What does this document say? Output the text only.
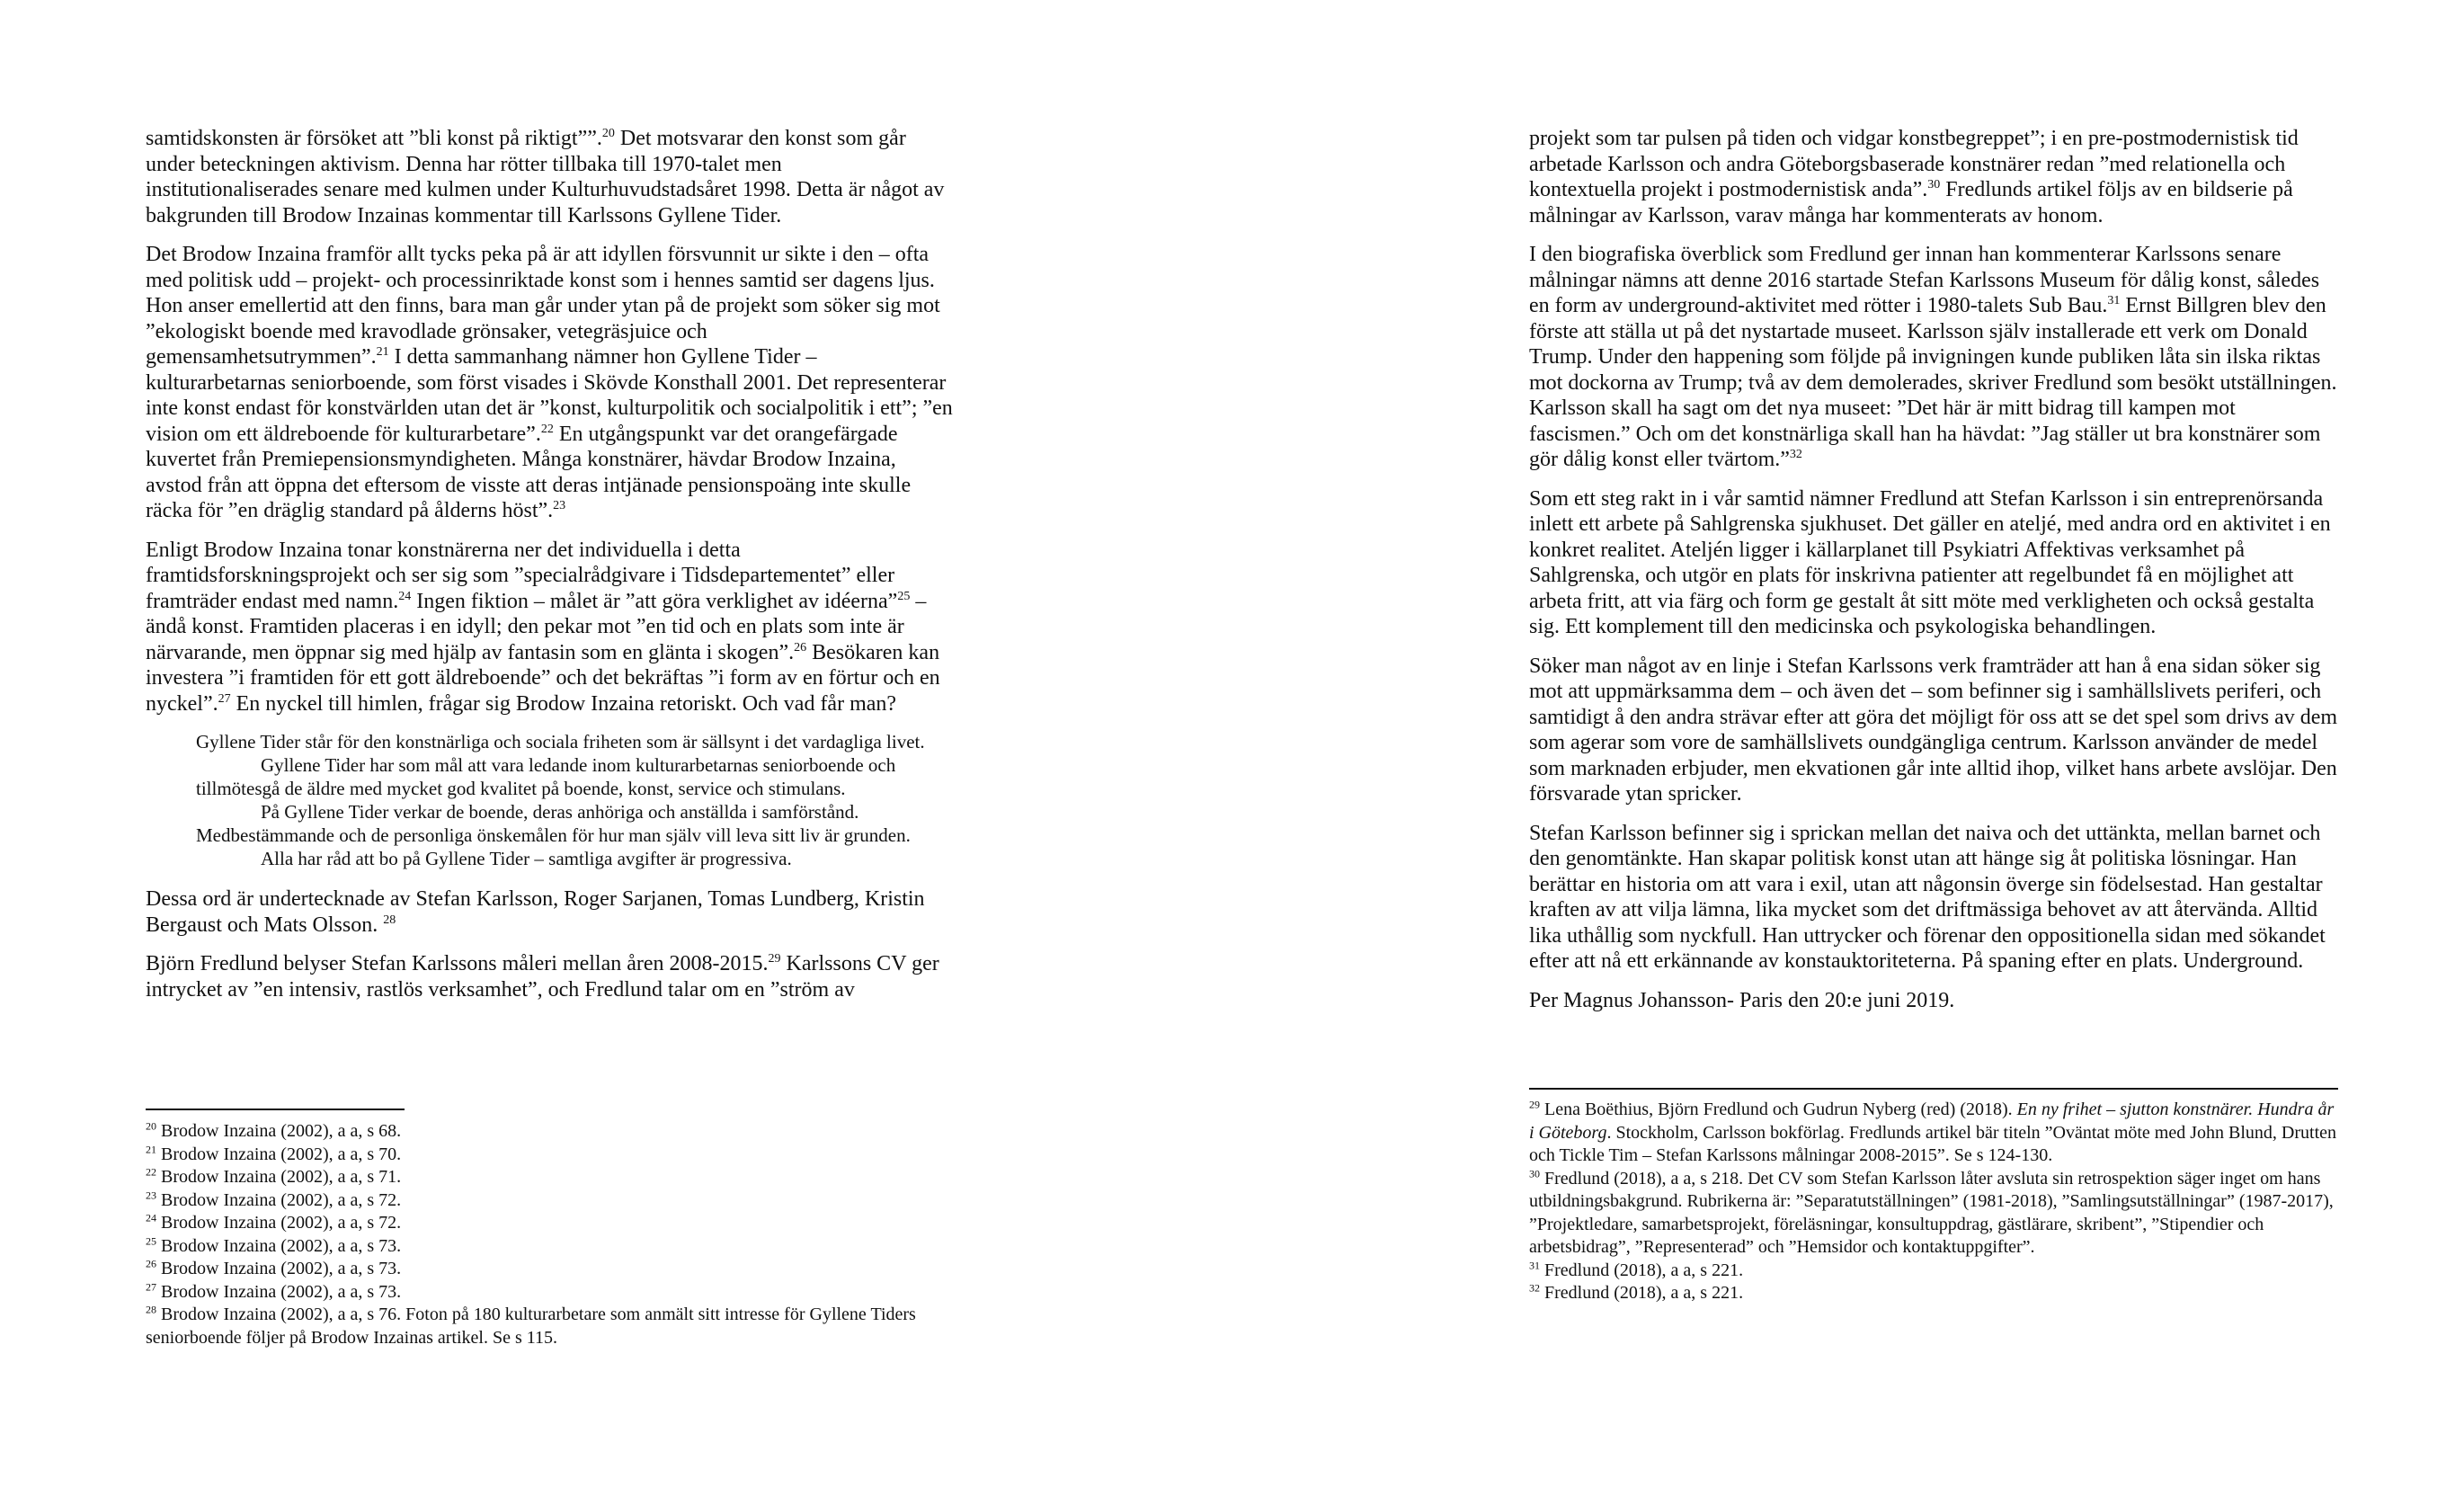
samtidskonsten är försöket att ”bli konst på riktigt””.$^{20}$ Det motsvarar den konst som går under beteckningen aktivism. Denna har rötter tillbaka till 1970-talet men institutionaliserades senare med kulmen under Kulturhuvudstadsåret 1998. Detta är något av bakgrunden till Brodow Inzainas kommentar till Karlssons Gyllene Tider.

Det Brodow Inzaina framför allt tycks peka på är att idyllen försvunnit ur sikte i den – ofta med politisk udd – projekt- och processinriktade konst som i hennes samtid ser dagens ljus. Hon anser emellertid att den finns, bara man går under ytan på de projekt som söker sig mot ”ekologiskt boende med kravodlade grönsaker, vetegräsjuice och gemensamhetsutrymmen”.$^{21}$ I detta sammanhang nämner hon Gyllene Tider – kulturarbetarnas seniorboende, som först visades i Skövde Konsthall 2001. Det representerar inte konst endast för konstvärlden utan det är ”konst, kulturpolitik och socialpolitik i ett”; ”en vision om ett äldreboende för kulturarbetare”.$^{22}$ En utgångspunkt var det orangefärgade kuvertet från Premiepensionsmyndigheten. Många konstnärer, hävdar Brodow Inzaina, avstod från att öppna det eftersom de visste att deras intjänade pensionspoäng inte skulle räcka för ”en dräglig standard på ålderns höst”.$^{23}$

Enligt Brodow Inzaina tonar konstnärerna ner det individuella i detta framtidsforskningsprojekt och ser sig som ”specialrådgivare i Tidsdepartementet” eller framträder endast med namn.$^{24}$ Ingen fiktion – målet är ”att göra verklighet av idéerna”$^{25}$ – ändå konst. Framtiden placeras i en idyll; den pekar mot ”en tid och en plats som inte är närvarande, men öppnar sig med hjälp av fantasin som en glänta i skogen”.$^{26}$ Besökaren kan investera ”i framtiden för ett gott äldreboende” och det bekräftas ”i form av en förtur och en nyckel”.$^{27}$ En nyckel till himlen, frågar sig Brodow Inzaina retoriskt. Och vad får man?

Gyllene Tider står för den konstnärliga och sociala friheten som är sällsynt i det vardagliga livet.

Gyllene Tider har som mål att vara ledande inom kulturarbetarnas seniorboende och tillmötesgå de äldre med mycket god kvalitet på boende, konst, service och stimulans.

På Gyllene Tider verkar de boende, deras anhöriga och anställda i samförstånd. Medbestämmande och de personliga önskemålen för hur man själv vill leva sitt liv är grunden.

Alla har råd att bo på Gyllene Tider – samtliga avgifter är progressiva.

Dessa ord är undertecknade av Stefan Karlsson, Roger Sarjanen, Tomas Lundberg, Kristin Bergaust och Mats Olsson. $^{28}$

Björn Fredlund belyser Stefan Karlssons måleri mellan åren 2008-2015.29 Karlssons CV ger intrycket av ”en intensiv, rastlös verksamhet”, och Fredlund talar om en ”ström av

$^{20}$ Brodow Inzaina (2002), a a, s 68.

$^{21}$ Brodow Inzaina (2002), a a, s 70.

$^{22}$ Brodow Inzaina (2002), a a, s 71.

$^{23}$ Brodow Inzaina (2002), a a, s 72.

$^{24}$ Brodow Inzaina (2002), a a, s 72.

$^{25}$ Brodow Inzaina (2002), a a, s 73.

$^{26}$ Brodow Inzaina (2002), a a, s 73.

$^{27}$ Brodow Inzaina (2002), a a, s 73.

$^{28}$ Brodow Inzaina (2002), a a, s 76. Foton på 180 kulturarbetare som anmält sitt intresse för Gyllene Tiders seniorboende följer på Brodow Inzainas artikel. Se s 115.

projekt som tar pulsen på tiden och vidgar konstbegreppet”; i en pre-postmodernistisk tid arbetade Karlsson och andra Göteborgsbaserade konstnärer redan ”med relationella och kontextuella projekt i postmodernistisk anda”.$^{30}$ Fredlunds artikel följs av en bildserie på målningar av Karlsson, varav många har kommenterats av honom.

I den biografiska överblick som Fredlund ger innan han kommenterar Karlssons senare målningar nämns att denne 2016 startade Stefan Karlssons Museum för dålig konst, således en form av underground-aktivitet med rötter i 1980-talets Sub Bau.$^{31}$ Ernst Billgren blev den förste att ställa ut på det nystartade museet. Karlsson själv installerade ett verk om Donald Trump. Under den happening som följde på invigningen kunde publiken låta sin ilska riktas mot dockorna av Trump; två av dem demolerades, skriver Fredlund som besökt utställningen. Karlsson skall ha sagt om det nya museet: ”Det här är mitt bidrag till kampen mot fascismen.” Och om det konstnärliga skall han ha hävdat: ”Jag ställer ut bra konstnärer som gör dålig konst eller tvärtom.”$^{32}$

Som ett steg rakt in i vår samtid nämner Fredlund att Stefan Karlsson i sin entreprenörsanda inlett ett arbete på Sahlgrenska sjukhuset. Det gäller en ateljé, med andra ord en aktivitet i en konkret realitet. Ateljén ligger i källarplanet till Psykiatri Affektivas verksamhet på Sahlgrenska, och utgör en plats för inskrivna patienter att regelbundet få en möjlighet att arbeta fritt, att via färg och form ge gestalt åt sitt möte med verkligheten och också gestalta sig. Ett komplement till den medicinska och psykologiska behandlingen.

Söker man något av en linje i Stefan Karlssons verk framträder att han å ena sidan söker sig mot att uppmärksamma dem – och även det – som befinner sig i samhällslivets periferi, och samtidigt å den andra strävar efter att göra det möjligt för oss att se det spel som drivs av dem som agerar som vore de samhällslivets oundgängliga centrum. Karlsson använder de medel som marknaden erbjuder, men ekvationen går inte alltid ihop, vilket hans arbete avslöjar. Den försvarade ytan spricker.

Stefan Karlsson befinner sig i sprickan mellan det naiva och det uttänkta, mellan barnet och den genomtänkte. Han skapar politisk konst utan att hänge sig åt politiska lösningar. Han berättar en historia om att vara i exil, utan att någonsin överge sin födelsestad. Han gestaltar kraften av att vilja lämna, lika mycket som det driftmässiga behovet av att återvända. Alltid lika uthållig som nyckfull. Han uttrycker och förenar den oppositionella sidan med sökandet efter att nå ett erkännande av konstauktoriteterna. På spaning efter en plats. Underground.

Per Magnus Johansson- Paris den 20:e juni 2019.

$^{29}$ Lena Boëthius, Björn Fredlund och Gudrun Nyberg (red) (2018). En ny frihet – sjutton konstnärer. Hundra år i Göteborg. Stockholm, Carlsson bokförlag. Fredlunds artikel bär titeln ”Oväntat möte med John Blund, Drutten och Tickle Tim – Stefan Karlssons målningar 2008-2015”. Se s 124-130.

$^{30}$ Fredlund (2018), a a, s 218. Det CV som Stefan Karlsson låter avsluta sin retrospektion säger inget om hans utbildningsbakgrund. Rubrikerna är: ”Separatutställningen” (1981-2018), ”Samlingsutställningar” (1987-2017), ”Projektledare, samarbetsprojekt, föreläsningar, konsultuppdrag, gästlärare, skribent”, ”Stipendier och arbetsbidrag”, ”Representerad” och ”Hemsidor och kontaktuppgifter”.

$^{31}$ Fredlund (2018), a a, s 221.

$^{32}$ Fredlund (2018), a a, s 221.
